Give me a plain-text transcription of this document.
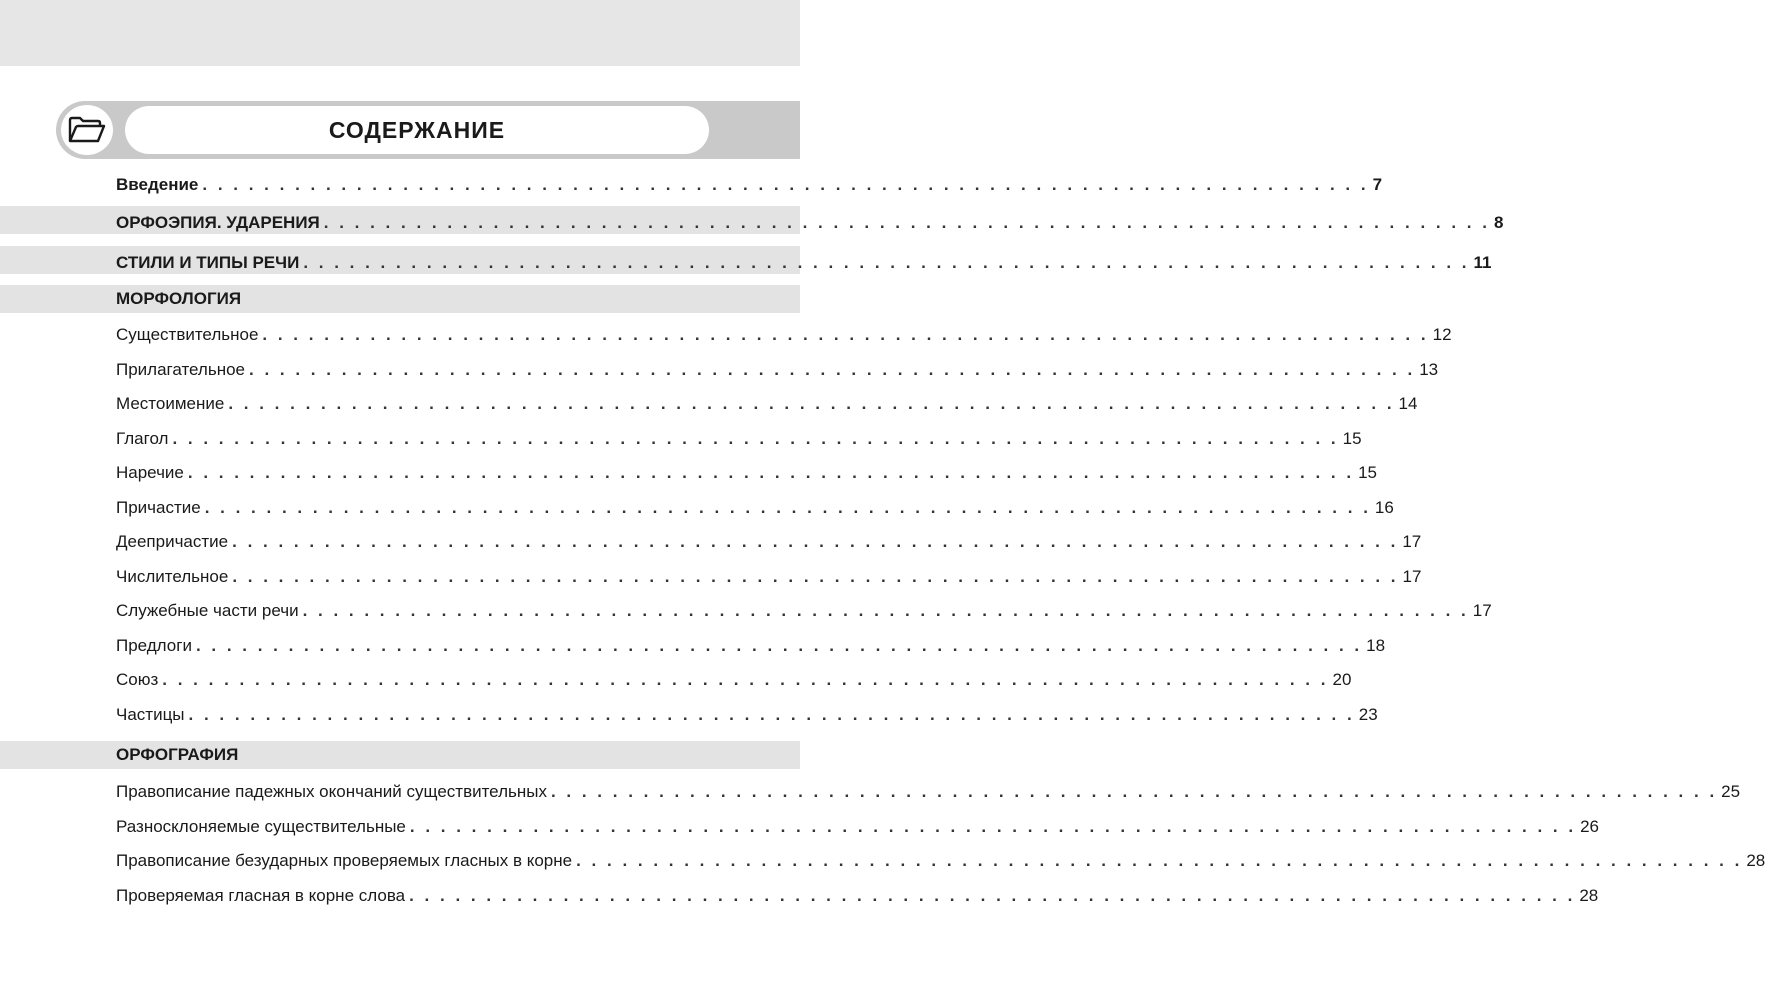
СОДЕРЖАНИЕ
Введение . . . . . . . . . . . . . . . . . . . . . . . . . . . . . . . . . . . . . . . . . . . . . . . . . . . . . . . . . . . . . . . . . . . . . . . . . . . . 7
ОРФОЭПИЯ. УДАРЕНИЯ . . . . . . . . . . . . . . . . . . . . . . . . . . . . . . . . . . . . . . . . . . . . . . . . . . . . . . . . . . . . . . . . . . . . . . . . . . . . 8
СТИЛИ И ТИПЫ РЕЧИ . . . . . . . . . . . . . . . . . . . . . . . . . . . . . . . . . . . . . . . . . . . . . . . . . . . . . . . . . . . . . . . . . . . . . . . . . . . . 11
МОРФОЛОГИЯ
Существительное . . . . . . . . . . . . . . . . . . . . . . . . . . . . . . . . . . . . . . . . . . . . . . . . . . . . . . . . . . . . . . . . . . . . . . . . . . . . 12
Прилагательное . . . . . . . . . . . . . . . . . . . . . . . . . . . . . . . . . . . . . . . . . . . . . . . . . . . . . . . . . . . . . . . . . . . . . . . . . . . . 13
Местоимение . . . . . . . . . . . . . . . . . . . . . . . . . . . . . . . . . . . . . . . . . . . . . . . . . . . . . . . . . . . . . . . . . . . . . . . . . . . . 14
Глагол . . . . . . . . . . . . . . . . . . . . . . . . . . . . . . . . . . . . . . . . . . . . . . . . . . . . . . . . . . . . . . . . . . . . . . . . . . . . 15
Наречие . . . . . . . . . . . . . . . . . . . . . . . . . . . . . . . . . . . . . . . . . . . . . . . . . . . . . . . . . . . . . . . . . . . . . . . . . . . . 15
Причастие . . . . . . . . . . . . . . . . . . . . . . . . . . . . . . . . . . . . . . . . . . . . . . . . . . . . . . . . . . . . . . . . . . . . . . . . . . . . 16
Деепричастие . . . . . . . . . . . . . . . . . . . . . . . . . . . . . . . . . . . . . . . . . . . . . . . . . . . . . . . . . . . . . . . . . . . . . . . . . . . . 17
Числительное . . . . . . . . . . . . . . . . . . . . . . . . . . . . . . . . . . . . . . . . . . . . . . . . . . . . . . . . . . . . . . . . . . . . . . . . . . . . 17
Служебные части речи . . . . . . . . . . . . . . . . . . . . . . . . . . . . . . . . . . . . . . . . . . . . . . . . . . . . . . . . . . . . . . . . . . . . . . . . . . . . 17
Предлоги . . . . . . . . . . . . . . . . . . . . . . . . . . . . . . . . . . . . . . . . . . . . . . . . . . . . . . . . . . . . . . . . . . . . . . . . . . . . 18
Союз . . . . . . . . . . . . . . . . . . . . . . . . . . . . . . . . . . . . . . . . . . . . . . . . . . . . . . . . . . . . . . . . . . . . . . . . . . . . 20
Частицы . . . . . . . . . . . . . . . . . . . . . . . . . . . . . . . . . . . . . . . . . . . . . . . . . . . . . . . . . . . . . . . . . . . . . . . . . . . . 23
ОРФОГРАФИЯ
Правописание падежных окончаний существительных . . . . . . . . . . . . . . . . . . . . . . . . . . . . . . . . . . . . . . . . . . . . . . . . . . . . . . . . . . . . . . . . . . . . . . . . . . . . 25
Разносклоняемые существительные . . . . . . . . . . . . . . . . . . . . . . . . . . . . . . . . . . . . . . . . . . . . . . . . . . . . . . . . . . . . . . . . . . . . . . . . . . . . 26
Правописание безударных проверяемых гласных в корне . . . . . . . . . . . . . . . . . . . . . . . . . . . . . . . . . . . . . . . . . . . . . . . . . . . . . . . . . . . . . . . . . . . . . . . . . . . . 28
Проверяемая гласная в корне слова . . . . . . . . . . . . . . . . . . . . . . . . . . . . . . . . . . . . . . . . . . . . . . . . . . . . . . . . . . . . . . . . . . . . . . . . . . . . 28
